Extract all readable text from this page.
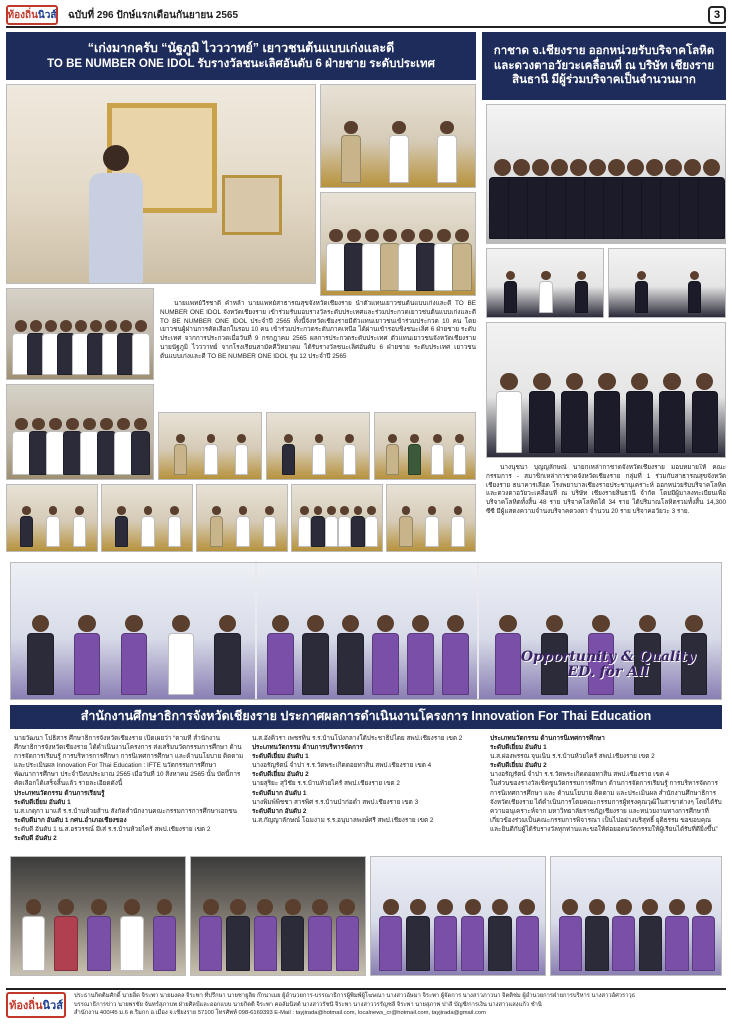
ท้องถิ่น นิวส์ ฉบับที่ 296 ปักษ์แรกเดือนกันยายน 2565	3
“เก่งมากครับ “นัฐภูมิ ไวววาทย์” เยาวชนต้นแบบเก่งและดี
TO BE NUMBER ONE IDOL รับรางวัลชนะเลิศอันดับ 6 ฝ่ายชาย ระดับประเทศ
กาชาด จ.เชียงราย ออกหน่วยรับบริจาคโลหิตและดวงตาอวัยวะเคลื่อนที่ ณ บริษัท เชียงรายสินธานี มีผู้ร่วมบริจาคเป็นจำนวนมาก

นายแพทย์วีรชาติ คำหล้า นายแพทย์สาธารณสุขจังหวัดเชียงราย นำตัวแทนเยาวชนต้นแบบเก่งและดี TO BE NUMBER ONE IDOL จังหวัดเชียงราย เข้าร่วมรับมอบรางวัลระดับประเทศและร่วมประกวดเยาวชนต้นแบบเก่งและดี TO BE NUMBER ONE IDOL ประจำปี 2565 ทั้งนี้จังหวัดเชียงรายมีตัวแทนเยาวชนเข้าร่วมประกวด 10 คน โดยเยาวชนผู้ผ่านการคัดเลือกในรอบ 10 คน เข้าร่วมประกวดระดับภาคเหนือ ได้ผ่านเข้ารอบชิงชนะเลิศ 6 ฝ่ายชาย ระดับประเทศ จากการประกวดเมื่อวันที่ 9 กรกฎาคม 2565 ผลการประกวดระดับประเทศ ตัวแทนเยาวชนจังหวัดเชียงราย นายนัฐภูมิ ไวววาทย์ จากโรงเรียนสามัคคีวิทยาคม ได้รับรางวัลชนะเลิศอันดับ 6 ฝ่ายชาย ระดับประเทศ เยาวชนต้นแบบเก่งและดี TO BE NUMBER ONE IDOL รุ่น 12 ประจำปี 2565

นางนุชนา บุญญลักษณ์ นายกเหล่ากาชาดจังหวัดเชียงราย มอบหมายให้ คณะกรรมการ - สมาชิกเหล่ากาชาดจังหวัดเชียงราย กลุ่มที่ 1 ร่วมกับสาธารณสุขจังหวัดเชียงราย ธนาคารเลือด โรงพยาบาลเชียงรายประชานุเคราะห์ ออกหน่วยรับบริจาคโลหิต และดวงตาอวัยวะเคลื่อนที่ ณ บริษัท เชียงรายสินธานี จำกัด โดยมีผู้มาลงทะเบียนเพื่อบริจาคโลหิตทั้งสิ้น 48 ราย บริจาคโลหิตได้ 34 ราย ได้ปริมาณโลหิตรวมทั้งสิ้น 14,300 ซีซี มีผู้แสดงความจำนงบริจาคดวงตา จำนวน 20 ราย บริจาคอวัยวะ 3 ราย.

Opportunity & Quality
ED. for All
สำนักงานศึกษาธิการจังหวัดเชียงราย ประกาศผลการดำเนินงานโครงการ Innovation For Thai Education
นายวัฒนา โปธิสาร ศึกษาธิการจังหวัดเชียงราย เปิดเผยว่า “ตามที่ สำนักงานศึกษาธิการจังหวัดเชียงราย ได้ดำเนินงานโครงการ ส่งเสริมนวัตกรรมการศึกษา ด้านการจัดการเรียนรู้ การบริหารการศึกษา การนิเทศการศึกษา และด้านนโยบาย ติดตาม และประเมินผล Innovation For Thai Education : IFTE นวัตกรรมการศึกษา พัฒนาการศึกษา ประจำปีงบประมาณ 2565 เมื่อวันที่ 10 สิงหาคม 2565 นั้น บัดนี้การคัดเลือกได้เสร็จสิ้นแล้ว รายละเอียดดังนี้
ประเภทนวัตกรรม ด้านการเรียนรู้
ระดับดีเยี่ยม อันดับ 1
น.ส.เกตุกา มาแส้ ร.ร.บ้านห้วยส้าน สังกัดสำนักงานคณะกรรมการการศึกษาเอกชน
ระดับดีมาก อันดับ 1 กศน.อำเภอเชียงของ
ระดับดี อันดับ 1 น.ส.อรวรรณ์ มีเส่ ร.ร.บ้านห้วยไคร้ สพป.เชียงราย เขต 2
ระดับดี อันดับ 2
น.ส.อังคิวรา เพชรทิน ร.ร.บ้านโป่งกลางใต้ประชาธิปไตย สพป.เชียงราย เขต 2
ประเภทนวัตกรรม ด้านการบริหารจัดการ
ระดับดีเยี่ยม อันดับ 1
นางอรัญรัตน์ จำปา ร.ร.วัดพระเกิดดอยทาสิน สพป.เชียงราย เขต 4
ระดับดีเยี่ยม อันดับ 2
นายสุริยะ สุวิชัย ร.ร.บ้านห้วยไคร้ สพป.เชียงราย เขต 2
ระดับดีมาก อันดับ 1
นางพิมพ์พิชชา สารพิศ ร.ร.บ้านป่าก่อดำ สพป.เชียงราย เขต 3
ระดับดีมาก อันดับ 2
น.ส.กัญญาลักษณ์ โฉมงาม ร.ร.อนุบาลพงษ์ศรี สพป.เชียงราย เขต 2
ประเภทนวัตกรรม ด้านการนิเทศการศึกษา
ระดับดีเยี่ยม อันดับ 1
น.ส.ผ่องพรรณ จุนเนิน ร.ร.บ้านห้วยไคร้ สพป.เชียงราย เขต 2
ระดับดีเยี่ยม อันดับ 2
นางอรัญรัตน์ จำปา ร.ร.วัดพระเกิดดอยทาสิน สพป.เชียงราย เขต 4
ในส่วนของรางวัลเชิดชูนวัตกรรมการศึกษา ด้านการจัดการเรียนรู้ การบริหารจัดการ การนิเทศการศึกษา และ ด้านนโยบาย ติดตาม และประเมินผล สำนักงานศึกษาธิการจังหวัดเชียงราย ได้ดำเนินการโดยคณะกรรมการผู้ทรงคุณวุฒิในสาขาต่างๆ โดยได้รับความอนุเคราะห์จาก มหาวิทยาลัยราชภัฏเชียงราย และหน่วยงานทางการศึกษาที่เกี่ยวข้องร่วมเป็นคณะกรรมการพิจารณา เป็นไปอย่างบริสุทธิ์ ยุติธรรม ขอขอบคุณและยินดีกับผู้ได้รับรางวัลทุกท่านและขอให้ต่อยอดนวัตกรรมให้ผู้เรียนได้รับที่ดียิ่งขึ้น”
ท้องถิ่น นิวส์
ประธานกิตติมศักดิ์ นายอิ่ด จิระพา นายมงคล จิระพา ที่ปรึกษา นายชายูลิย ก๊กนาเมย ผู้อำนวยการ-บรรณาธิการผู้พิมพ์ผู้โฆษณา นางสาวอัษมา จิระพา ผู้จัดการ นางสาวภาวนา จิตติช่ม ผู้อำนวยการฝ่ายการบริหาร นางสาวอัศวราวุธ
บรรณาธิการข่าว นายพรชัย จันทร์สุภาบพ ฝ่ายศิลป์และออกแบบ นายกิตติ จิระพา คอลัมนิสต์ นางสาวรัชนี จิระพา นางสาววรรัญชลี จิระพา นายสุภาพ ปาลี บัญชี/การเงิน นางสาวแสงแก้ว ชำนิ
สำนักงาน 400/45 ม.6 ต.ริมกก อ.เมือง จ.เชียงราย 57100 โทรศัพท์ 098-6169393 E-Mail : tayjirada@hotmail.com, localnews_cr@hotmail.com, tayjirada@gmail.com
